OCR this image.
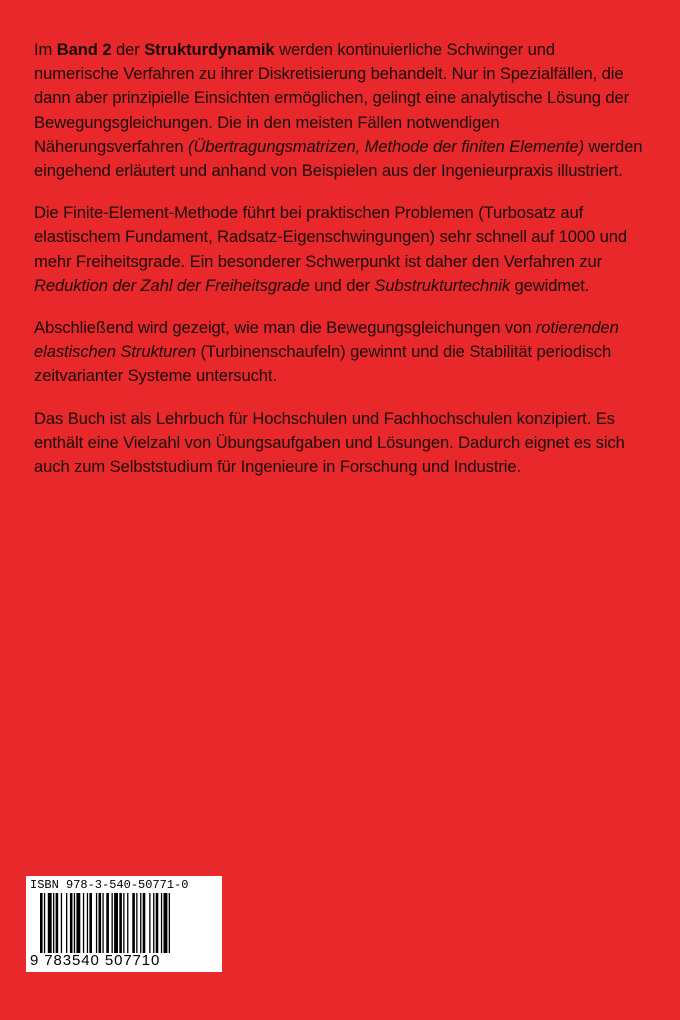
Im Band 2 der Strukturdynamik werden kontinuierliche Schwinger und numerische Verfahren zu ihrer Diskretisierung behandelt. Nur in Spezialfällen, die dann aber prinzipielle Einsichten ermöglichen, gelingt eine analytische Lösung der Bewegungsgleichungen. Die in den meisten Fällen notwendigen Näherungsverfahren (Übertragungsmatrizen, Methode der finiten Elemente) werden eingehend erläutert und anhand von Beispielen aus der Ingenieurpraxis illustriert.

Die Finite-Element-Methode führt bei praktischen Problemen (Turbosatz auf elastischem Fundament, Radsatz-Eigenschwingungen) sehr schnell auf 1000 und mehr Freiheitsgrade. Ein besonderer Schwerpunkt ist daher den Verfahren zur Reduktion der Zahl der Freiheitsgrade und der Substrukturtechnik gewidmet.

Abschließend wird gezeigt, wie man die Bewegungsgleichungen von rotierenden elastischen Strukturen (Turbinenschaufeln) gewinnt und die Stabilität periodisch zeitvarianter Systeme untersucht.

Das Buch ist als Lehrbuch für Hochschulen und Fachhochschulen konzipiert. Es enthält eine Vielzahl von Übungsaufgaben und Lösungen. Dadurch eignet es sich auch zum Selbststudium für Ingenieure in Forschung und Industrie.

ISBN 978-3-540-50771-0
9 783540 507710
